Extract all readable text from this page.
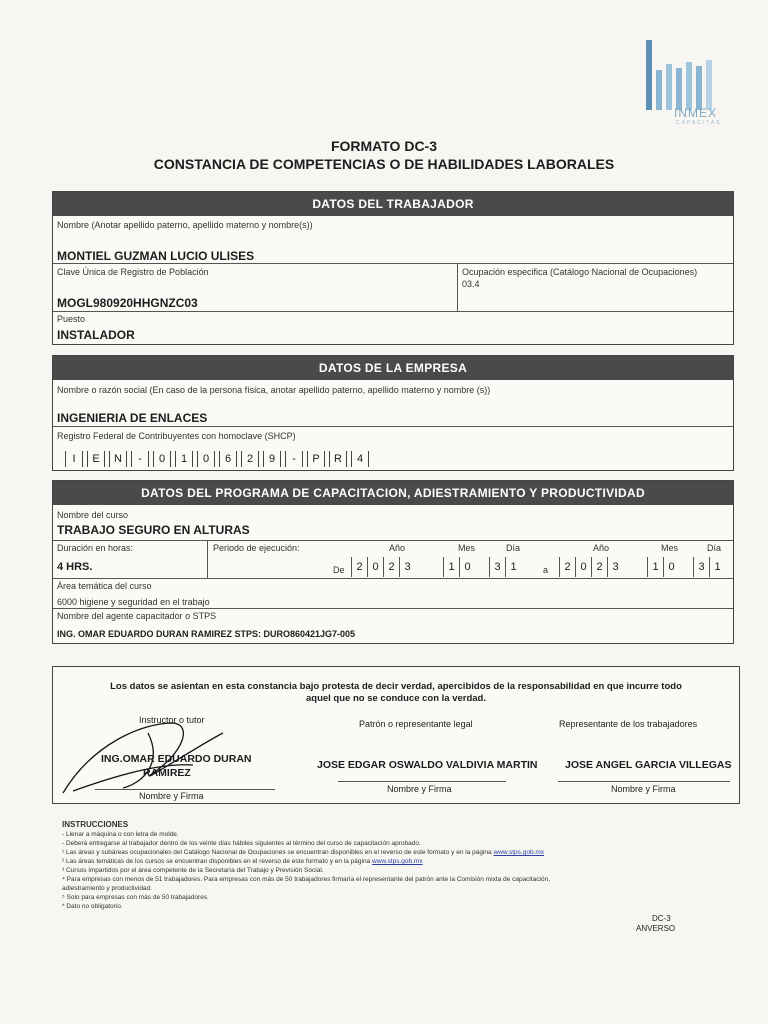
INMEX
CAPACITAS
FORMATO DC-3
CONSTANCIA DE COMPETENCIAS O DE HABILIDADES LABORALES
DATOS DEL TRABAJADOR
Nombre (Anotar apellido paterno, apellido materno y nombre(s))
MONTIEL GUZMAN LUCIO ULISES
Clave Única de Registro de Población
MOGL980920HHGNZC03
Ocupación especifica (Catálogo Nacional de Ocupaciones)
03.4
Puesto
INSTALADOR
DATOS DE LA EMPRESA
Nombre o razón social (En caso de la persona física, anotar apellido paterno, apellido materno y nombre (s))
INGENIERIA DE ENLACES
Registro Federal de Contribuyentes con homoclave (SHCP)
I	E	N	-	0	1	0	6	2	9	-	P	R	4
DATOS DEL PROGRAMA DE CAPACITACION, ADIESTRAMIENTO Y PRODUCTIVIDAD
Nombre del curso
TRABAJO SEGURO EN ALTURAS
Duración en horas:
4 HRS.
Periodo de ejecución:	Año	Mes	Día	Año	Mes	Día
De	2 0 2 3	1 0	3 1	a	2 0 2 3	1 0	3 1
Área temática del curso
6000 higiene y seguridad en el trabajo
Nombre del agente capacitador o STPS
ING. OMAR EDUARDO DURAN RAMIREZ STPS: DURO860421JG7-005
Los datos se asientan en esta constancia bajo protesta de decir verdad, apercibidos de la responsabilidad en que incurre todo
aquel que no se conduce con la verdad.
Instructor o tutor
ING.OMAR EDUARDO DURAN
RAMIREZ
Nombre y Firma
Patrón o representante legal
JOSE EDGAR OSWALDO VALDIVIA MARTIN
Nombre y Firma
Representante de los trabajadores
JOSE ANGEL GARCIA VILLEGAS
Nombre y Firma
INSTRUCCIONES
- Llenar a máquina o con letra de molde.
- Deberá entregarse al trabajador dentro de los veinte días hábiles siguientes al término del curso de capacitación aprobado.
¹ Las áreas y subáreas ocupacionales del Catálogo Nacional de Ocupaciones se encuentran disponibles en el reverso de este formato y en la página www.stps.gob.mx
² Las áreas temáticas de los cursos se encuentran disponibles en el reverso de este formato y en la página www.stps.gob.mx
³ Cursos impartidos por el área competente de la Secretaría del Trabajo y Previsión Social.
⁴ Para empresas con menos de 51 trabajadores. Para empresas con más de 50 trabajadores firmaría el representante del patrón ante la Comisión mixta de capacitación,
adiestramiento y productividad.
⁵ Solo para empresas con más de 50 trabajadores.
* Dato no obligatorio.
DC-3
ANVERSO
